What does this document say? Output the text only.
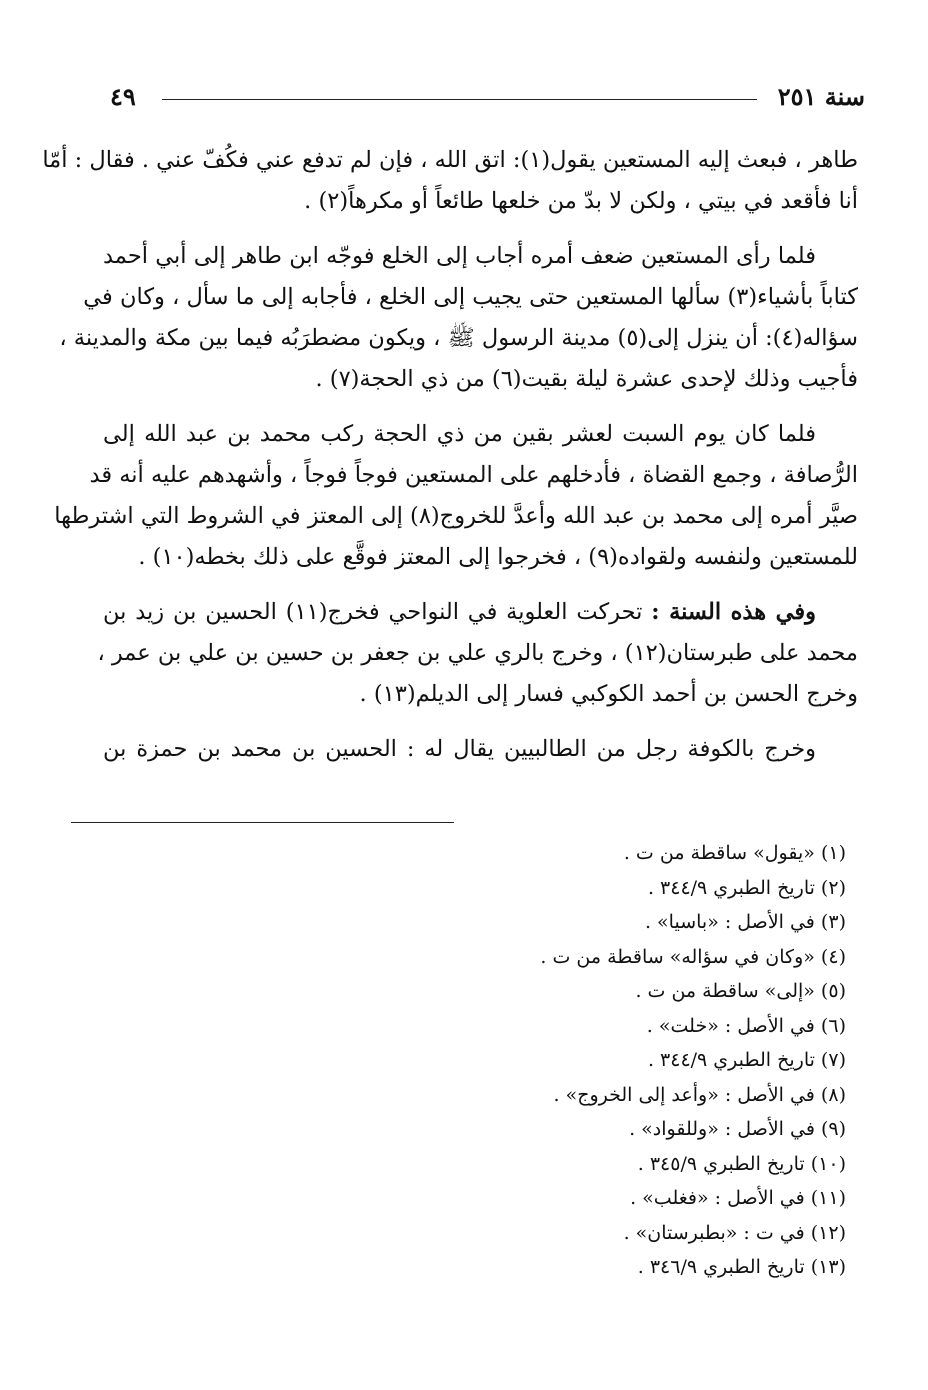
سنة ٢٥١
٤٩
طاهر ، فبعث إليه المستعين يقول(١): اتق الله ، فإن لم تدفع عني فكُفّ عني . فقال : أمّا
أنا فأقعد في بيتي ، ولكن لا بدّ من خلعها طائعاً أو مكرهاً(٢) .
فلما رأى المستعين ضعف أمره أجاب إلى الخلع فوجّه ابن طاهر إلى أبي أحمد
كتاباً بأشياء(٣) سألها المستعين حتى يجيب إلى الخلع ، فأجابه إلى ما سأل ، وكان في
سؤاله(٤): أن ينزل إلى(٥) مدينة الرسول ﷺ ، ويكون مضطرَبُه فيما بين مكة والمدينة ،
فأجيب وذلك لإحدى عشرة ليلة بقيت(٦) من ذي الحجة(٧) .
فلما كان يوم السبت لعشر بقين من ذي الحجة ركب محمد بن عبد الله إلى
الرُّصافة ، وجمع القضاة ، فأدخلهم على المستعين فوجاً فوجاً ، وأشهدهم عليه أنه قد
صيَّر أمره إلى محمد بن عبد الله وأعدَّ للخروج(٨) إلى المعتز في الشروط التي اشترطها
للمستعين ولنفسه ولقواده(٩) ، فخرجوا إلى المعتز فوقَّع على ذلك بخطه(١٠) .
وفي هذه السنة : تحركت العلوية في النواحي فخرج(١١) الحسين بن زيد بن
محمد على طبرستان(١٢) ، وخرج بالري علي بن جعفر بن حسين بن علي بن عمر ،
وخرج الحسن بن أحمد الكوكبي فسار إلى الديلم(١٣) .
وخرج بالكوفة رجل من الطالبيين يقال له : الحسين بن محمد بن حمزة بن
(١) «يقول» ساقطة من ت .
(٢) تاريخ الطبري ٣٤٤/٩ .
(٣) في الأصل : «باسيا» .
(٤) «وكان في سؤاله» ساقطة من ت .
(٥) «إلى» ساقطة من ت .
(٦) في الأصل : «خلت» .
(٧) تاريخ الطبري ٣٤٤/٩ .
(٨) في الأصل : «وأعد إلى الخروج» .
(٩) في الأصل : «وللقواد» .
(١٠) تاريخ الطبري ٣٤٥/٩ .
(١١) في الأصل : «فغلب» .
(١٢) في ت : «بطبرستان» .
(١٣) تاريخ الطبري ٣٤٦/٩ .
